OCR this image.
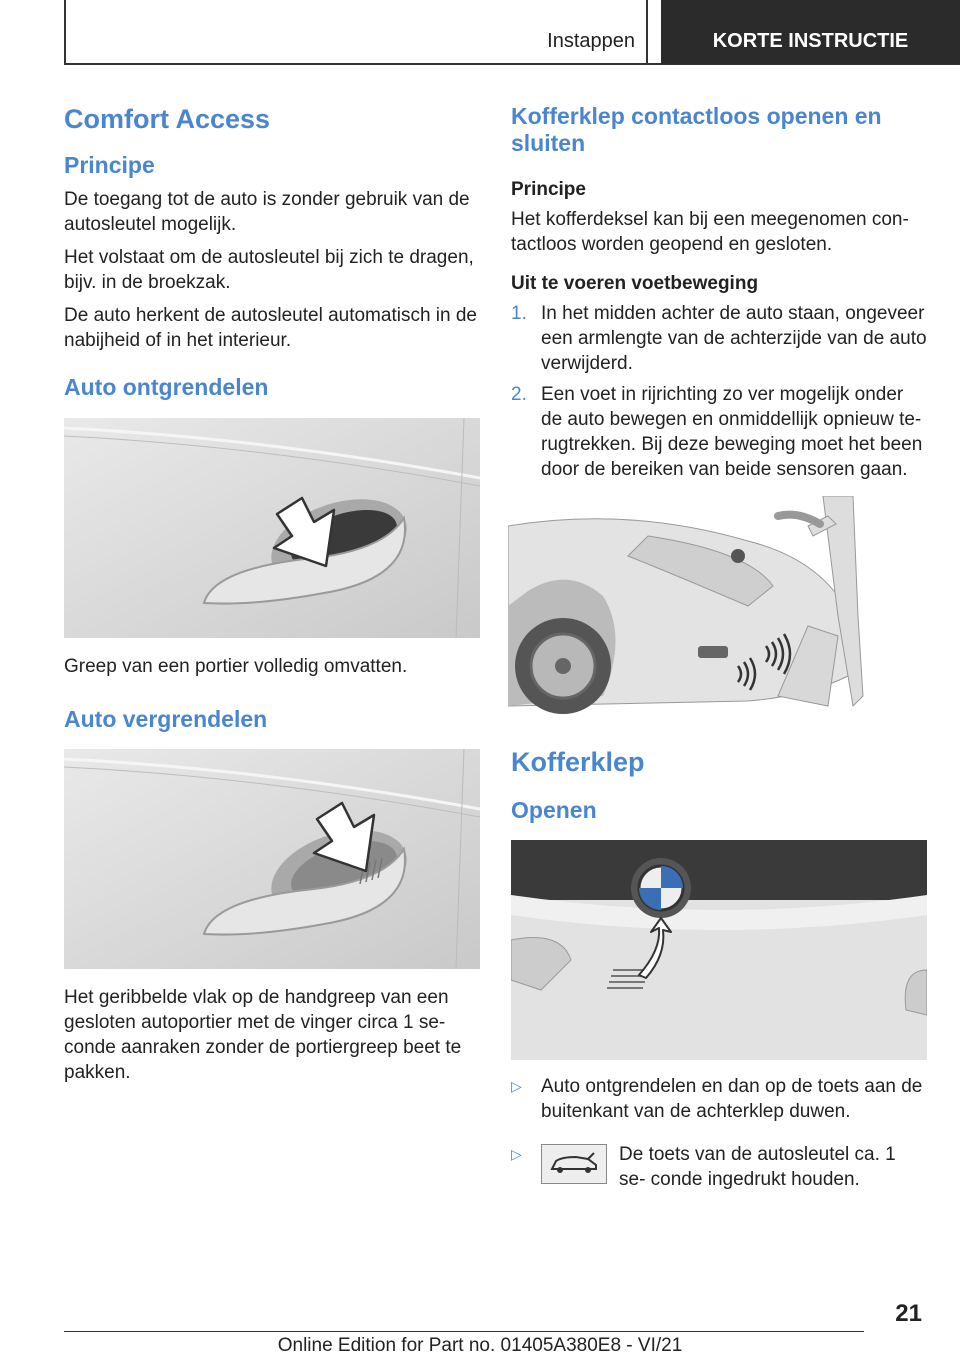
Instappen	KORTE INSTRUCTIE
Comfort Access
Principe

De toegang tot de auto is zonder gebruik van de autosleutel mogelijk.

Het volstaat om de autosleutel bij zich te dragen, bijv. in de broekzak.

De auto herkent de autosleutel automatisch in de nabijheid of in het interieur.

Auto ontgrendelen

Greep van een portier volledig omvatten.

Auto vergrendelen

Het geribbelde vlak op de handgreep van een gesloten autoportier met de vinger circa 1 se‐ conde aanraken zonder de portiergreep beet te pakken.

Kofferklep contactloos openen en sluiten
Principe

Het kofferdeksel kan bij een meegenomen con‐ tactloos worden geopend en gesloten.

Uit te voeren voetbeweging
1. In het midden achter de auto staan, ongeveer een armlengte van de achterzijde van de auto verwijderd.
2. Een voet in rijrichting zo ver mogelijk onder de auto bewegen en onmiddellijk opnieuw te‐ rugtrekken. Bij deze beweging moet het been door de bereiken van beide sensoren gaan.
Kofferklep
Openen
▷ Auto ontgrendelen en dan op de toets aan de buitenkant van de achterklep duwen.
▷	De toets van de autosleutel ca. 1 se‐ conde ingedrukt houden.
21
Online Edition for Part no. 01405A380E8 - VI/21
